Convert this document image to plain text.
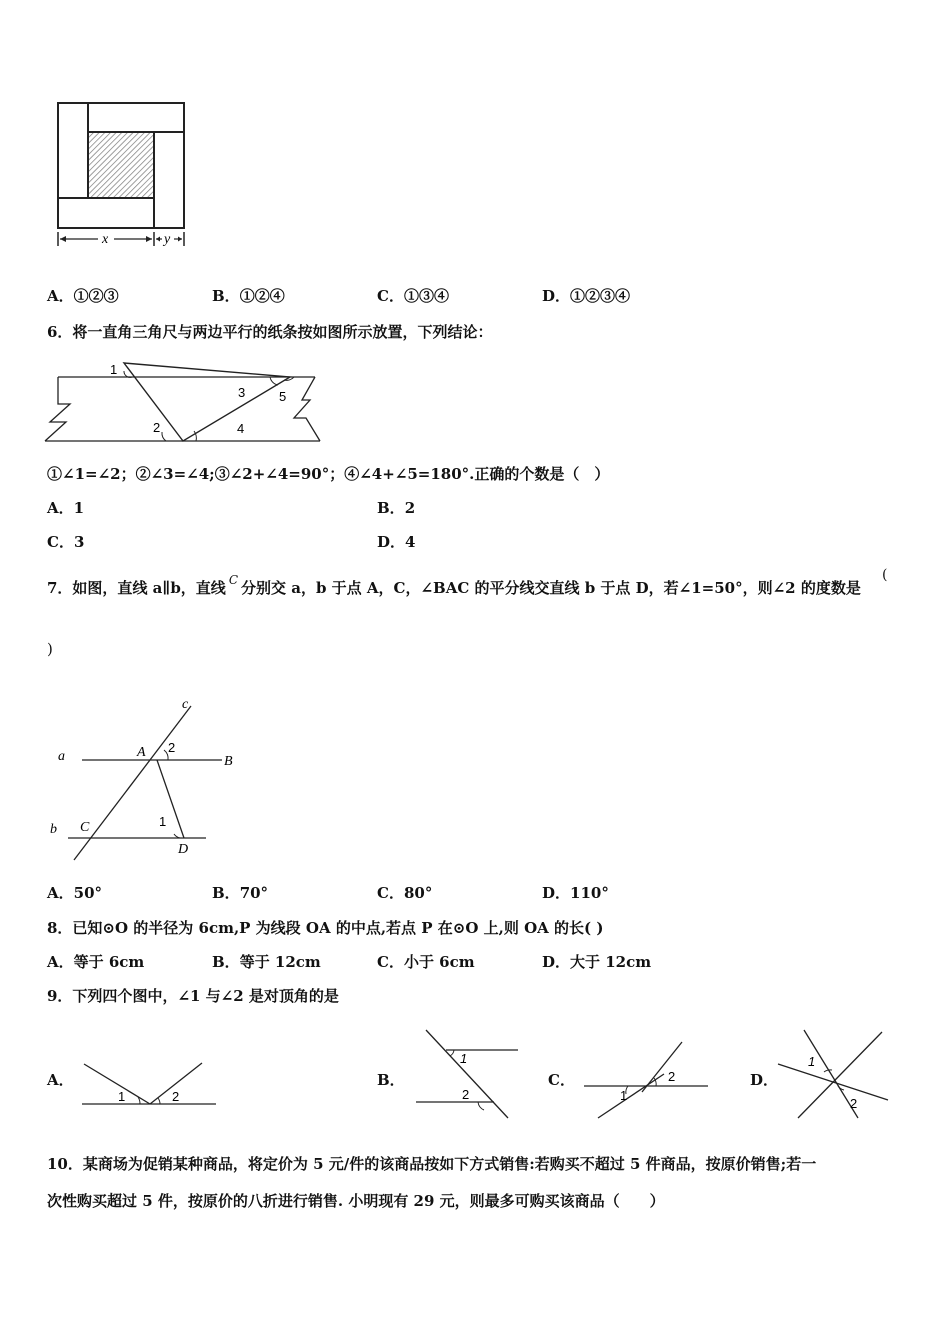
x	y
A．①②③	B．①②④	C．①③④	D．①②③④
6．将一直角三角尺与两边平行的纸条按如图所示放置，下列结论：
1
2
3
4
5
①∠1=∠2；②∠3=∠4;③∠2+∠4=90°；④∠4+∠5=180°.正确的个数是（　）
A．1	B．2
C．3	D．4
7．如图，直线 a∥b，直线 $^C$ 分别交 a，b 于点 A，C，∠BAC 的平分线交直线 b 于点 D，若∠1=50°，则∠2 的度数是
(
)
c
a	A 2
B
b C	1
D
A．50°	B．70°	C．80°	D．110°
8．已知⊙O 的半径为 6cm,P 为线段 OA 的中点,若点 P 在⊙O 上,则 OA 的长( )
A．等于 6cm	B．等于 12cm	C．小于 6cm	D．大于 12cm
9．下列四个图中，∠1 与∠2 是对顶角的是
A．
1	2
B．
1
2
C．
1
2	D．
1
2
10．某商场为促销某种商品，将定价为 5 元/件的该商品按如下方式销售:若购买不超过 5 件商品，按原价销售;若一
次性购买超过 5 件，按原价的八折进行销售. 小明现有 29 元，则最多可购买该商品（　　）
